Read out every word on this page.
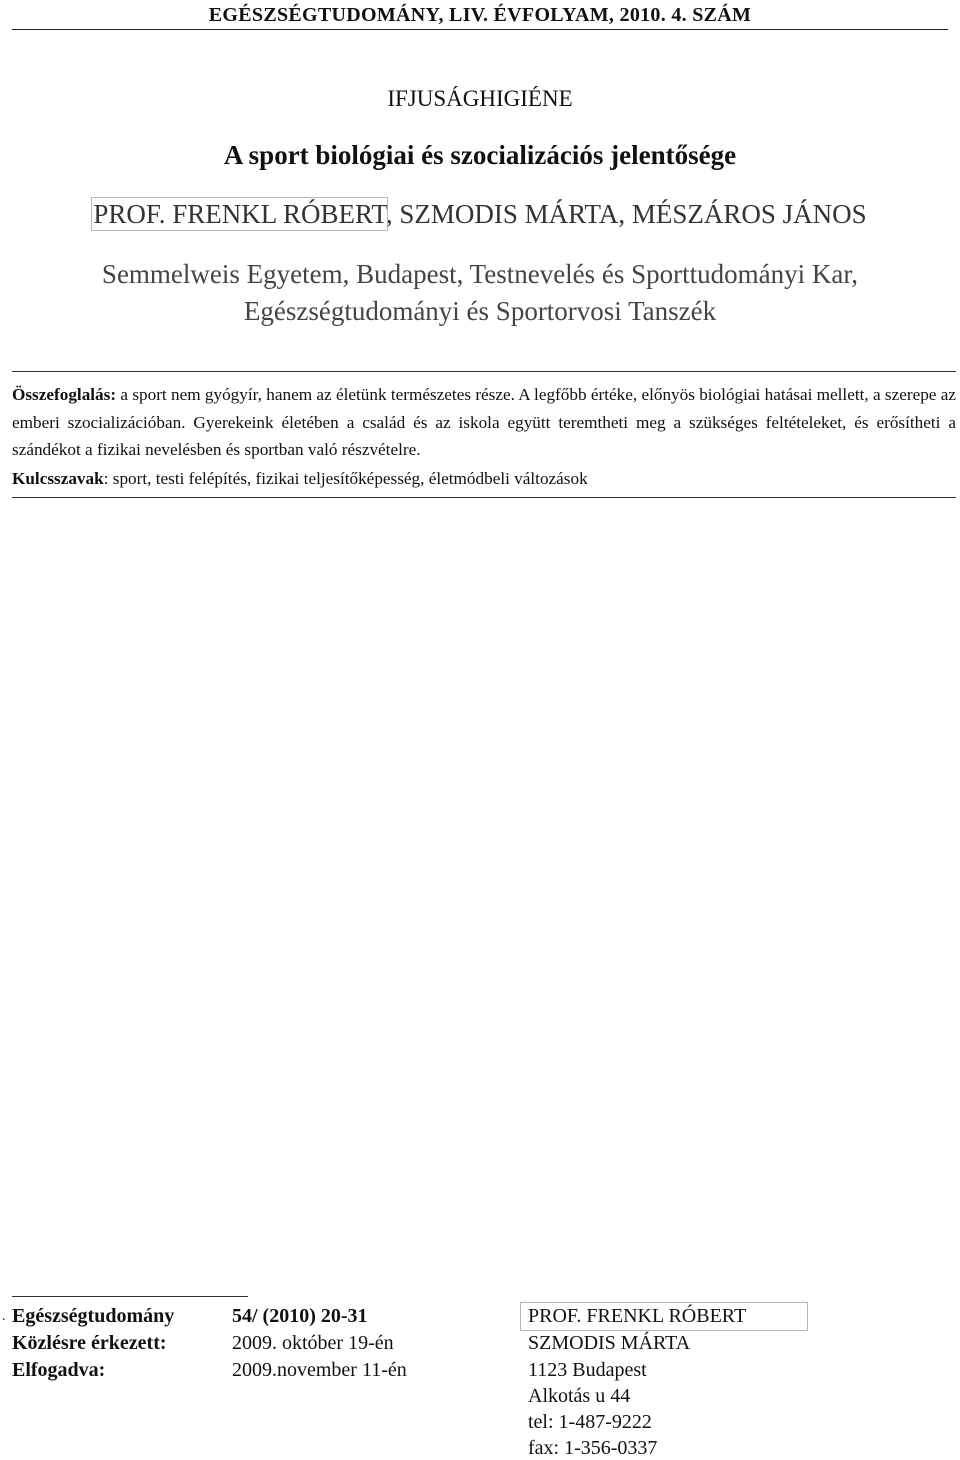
EGÉSZSÉGTUDOMÁNY, LIV. ÉVFOLYAM, 2010. 4. SZÁM
IFJUSÁGHIGIÉNE
A sport biológiai és szocializációs jelentősége
PROF. FRENKL RÓBERT, SZMODIS MÁRTA, MÉSZÁROS JÁNOS
Semmelweis Egyetem, Budapest, Testnevelés és Sporttudományi Kar,
Egészségtudományi és Sportorvosi Tanszék
Összefoglalás: a sport nem gyógyír, hanem az életünk természetes része. A legfőbb értéke, előnyös biológiai hatásai mellett, a szerepe az emberi szocializációban. Gyerekeink életében a család és az iskola együtt teremtheti meg a szükséges feltételeket, és erősítheti a szándékot a fizikai nevelésben és sportban való részvételre.
Kulcsszavak: sport, testi felépítés, fizikai teljesítőképesség, életmódbeli változások
. Egészségtudomány	54/ (2010) 20-31
Közlésre érkezett:	2009. október 19-én
Elfogadva:	2009.november 11-én
PROF. FRENKL RÓBERT
SZMODIS MÁRTA
1123 Budapest
Alkotás u 44
tel: 1-487-9222
fax: 1-356-0337
